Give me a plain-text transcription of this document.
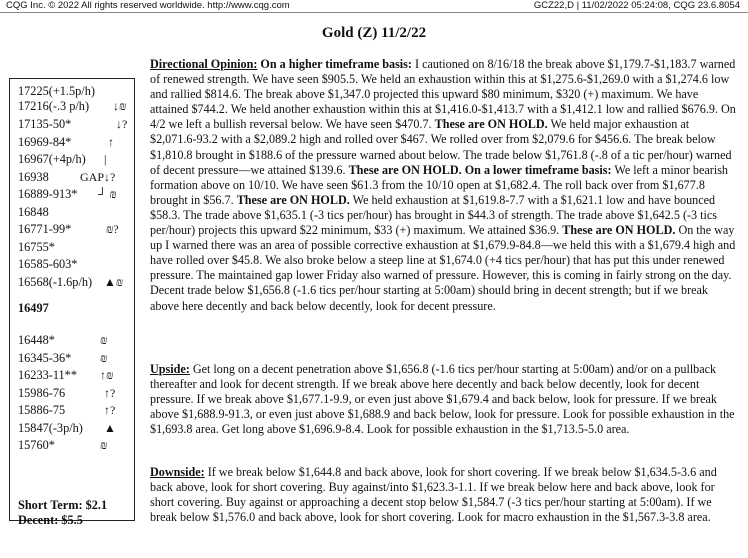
CQG Inc. © 2022 All rights reserved worldwide. http://www.cqg.com	GCZ22,D | 11/02/2022 05:24:08, CQG 23.6.8054
Gold (Z) 11/2/22
17225(+1.5p/h)
17216(-.3 p/h) ↓₪
17135-50*	↓?
16969-84*	↑
16967(+4p/h) |
16938	GAP↓?
16889-913* ┘ ₪
16848
16771-99*	₪?
16755*
16585-603*
16568(-1.6p/h) ▲₪
16497
16448*	₪
16345-36* ₪
16233-11** ↑₪
15986-76	↑?
15886-75	↑?
15847(-3p/h) ▲
15760*	₪
Short Term: $2.1
Decent: $5.5

Directional Opinion: On a higher timeframe basis: I cautioned on 8/16/18 the break above $1,179.7-$1,183.7 warned of renewed strength. We have seen $905.5. We held an exhaustion within this at $1,275.6-$1,269.0 with a $1,274.6 low and rallied $814.6. The break above $1,347.0 projected this upward $80 minimum, $320 (+) maximum. We have attained $744.2. We held another exhaustion within this at $1,416.0-$1,413.7 with a $1,412.1 low and rallied $676.9. On 4/2 we left a bullish reversal below. We have seen $470.7. These are ON HOLD. We held major exhaustion at $2,071.6-93.2 with a $2,089.2 high and rolled over $467. We rolled over from $2,079.6 for $456.6. The break below $1,810.8 brought in $188.6 of the pressure warned about below. The trade below $1,761.8 (-.8 of a tic per/hour) warned of decent pressure—we attained $139.6. These are ON HOLD. On a lower timeframe basis: We left a minor bearish formation above on 10/10. We have seen $61.3 from the 10/10 open at $1,682.4. The roll back over from $1,677.8 brought in $56.7. These are ON HOLD. We held exhaustion at $1,619.8-7.7 with a $1,621.1 low and have bounced $58.3. The trade above $1,635.1 (-3 tics per/hour) has brought in $44.3 of strength. The trade above $1,642.5 (-3 tics per/hour) projects this upward $22 minimum, $33 (+) maximum. We attained $36.9. These are ON HOLD. On the way up I warned there was an area of possible corrective exhaustion at $1,679.9-84.8—we held this with a $1,679.4 high and have rolled over $45.8. We also broke below a steep line at $1,674.0 (+4 tics per/hour) that has put this under renewed pressure. The maintained gap lower Friday also warned of pressure. However, this is coming in fairly strong on the day. Decent trade below $1,656.8 (-1.6 tics per/hour starting at 5:00am) should bring in decent strength; but if we break above here decently and back below decently, look for decent pressure.

Upside: Get long on a decent penetration above $1,656.8 (-1.6 tics per/hour starting at 5:00am) and/or on a pullback thereafter and look for decent strength. If we break above here decently and back below decently, look for decent pressure. If we break above $1,677.1-9.9, or even just above $1,679.4 and back below, look for pressure. If we break above $1,688.9-91.3, or even just above $1,688.9 and back below, look for pressure. Look for possible exhaustion in the $1,693.8 area. Get long above $1,696.9-8.4. Look for possible exhaustion in the $1,713.5-5.0 area.

Downside: If we break below $1,644.8 and back above, look for short covering. If we break below $1,634.5-3.6 and back above, look for short covering. Buy against/into $1,623.3-1.1. If we break below here and back above, look for short covering. Buy against or approaching a decent stop below $1,584.7 (-3 tics per/hour starting at 5:00am). If we break below $1,576.0 and back above, look for short covering. Look for macro exhaustion in the $1,567.3-3.8 area.
